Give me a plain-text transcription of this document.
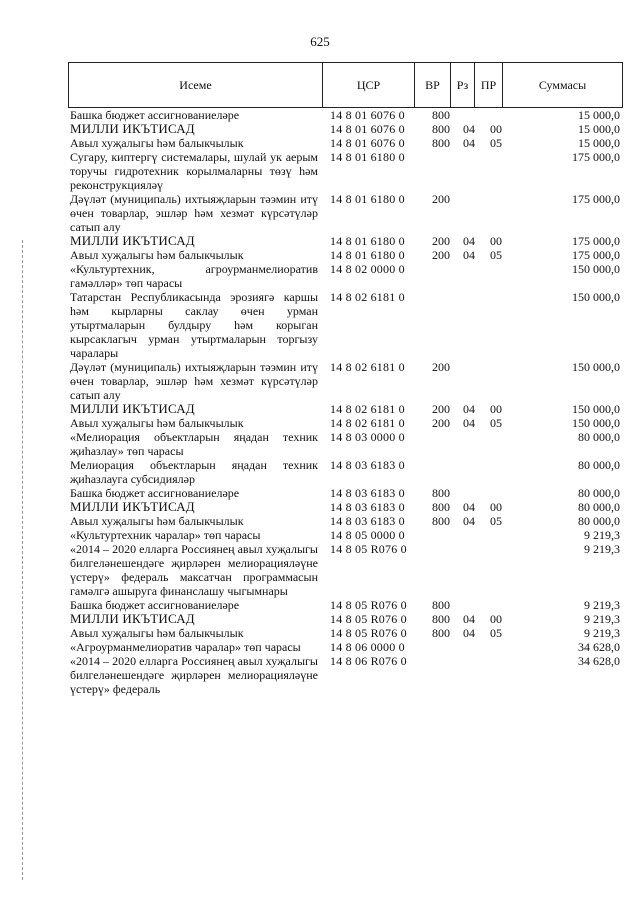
625
Исеме	ЦСР	ВР	Рз	ПР	Суммасы
Башка бюджет ассигнованиеләре	14 8 01 6076 0	800			15 000,0
МИЛЛИ ИКЪТИСАД	14 8 01 6076 0	800	04	00	15 000,0
Авыл хуҗалыгы һәм балыкчылык	14 8 01 6076 0	800	04	05	15 000,0
Сугару, киптергү системалары, шулай ук аерым торучы гидротехник корылмаларны төзү һәм реконструкцияләү	14 8 01 6180 0				175 000,0
Дәүләт (муниципаль) ихтыяҗларын тәэмин итү өчен товарлар, эшләр һәм хезмәт күрсәтүләр сатып алу	14 8 01 6180 0	200			175 000,0
МИЛЛИ ИКЪТИСАД	14 8 01 6180 0	200	04	00	175 000,0
Авыл хуҗалыгы һәм балыкчылык	14 8 01 6180 0	200	04	05	175 000,0
«Культуртехник, агроурманмелиоратив гамәлләр» төп чарасы	14 8 02 0000 0				150 000,0
Татарстан Республикасында эрозиягә каршы һәм кырларны саклау өчен урман утыртмаларын булдыру һәм корыган кырсаклагыч урман утыртмаларын торгызу чаралары	14 8 02 6181 0				150 000,0
Дәүләт (муниципаль) ихтыяҗларын тәэмин итү өчен товарлар, эшләр һәм хезмәт күрсәтүләр сатып алу	14 8 02 6181 0	200			150 000,0
МИЛЛИ ИКЪТИСАД	14 8 02 6181 0	200	04	00	150 000,0
Авыл хуҗалыгы һәм балыкчылык	14 8 02 6181 0	200	04	05	150 000,0
«Мелиорация объектларын яңадан техник җиһазлау» төп чарасы	14 8 03 0000 0				80 000,0
Мелиорация объектларын яңадан техник җиһазлауга субсидияләр	14 8 03 6183 0				80 000,0
Башка бюджет ассигнованиеләре	14 8 03 6183 0	800			80 000,0
МИЛЛИ ИКЪТИСАД	14 8 03 6183 0	800	04	00	80 000,0
Авыл хуҗалыгы һәм балыкчылык	14 8 03 6183 0	800	04	05	80 000,0
«Культуртехник чаралар» төп чарасы	14 8 05 0000 0				9 219,3
«2014 – 2020 елларга Россиянең авыл хуҗалыгы билгеләнешендәге җирләрен мелиорацияләүне үстерү» федераль максатчан программасын гамәлгә ашыруга финанслашу чыгымнары	14 8 05 R076 0				9 219,3
Башка бюджет ассигнованиеләре	14 8 05 R076 0	800			9 219,3
МИЛЛИ ИКЪТИСАД	14 8 05 R076 0	800	04	00	9 219,3
Авыл хуҗалыгы һәм балыкчылык	14 8 05 R076 0	800	04	05	9 219,3
«Агроурманмелиоратив чаралар» төп чарасы	14 8 06 0000 0				34 628,0
«2014 – 2020 елларга Россиянең авыл хуҗалыгы билгеләнешендәге җирләрен мелиорацияләүне үстерү» федераль	14 8 06 R076 0				34 628,0
